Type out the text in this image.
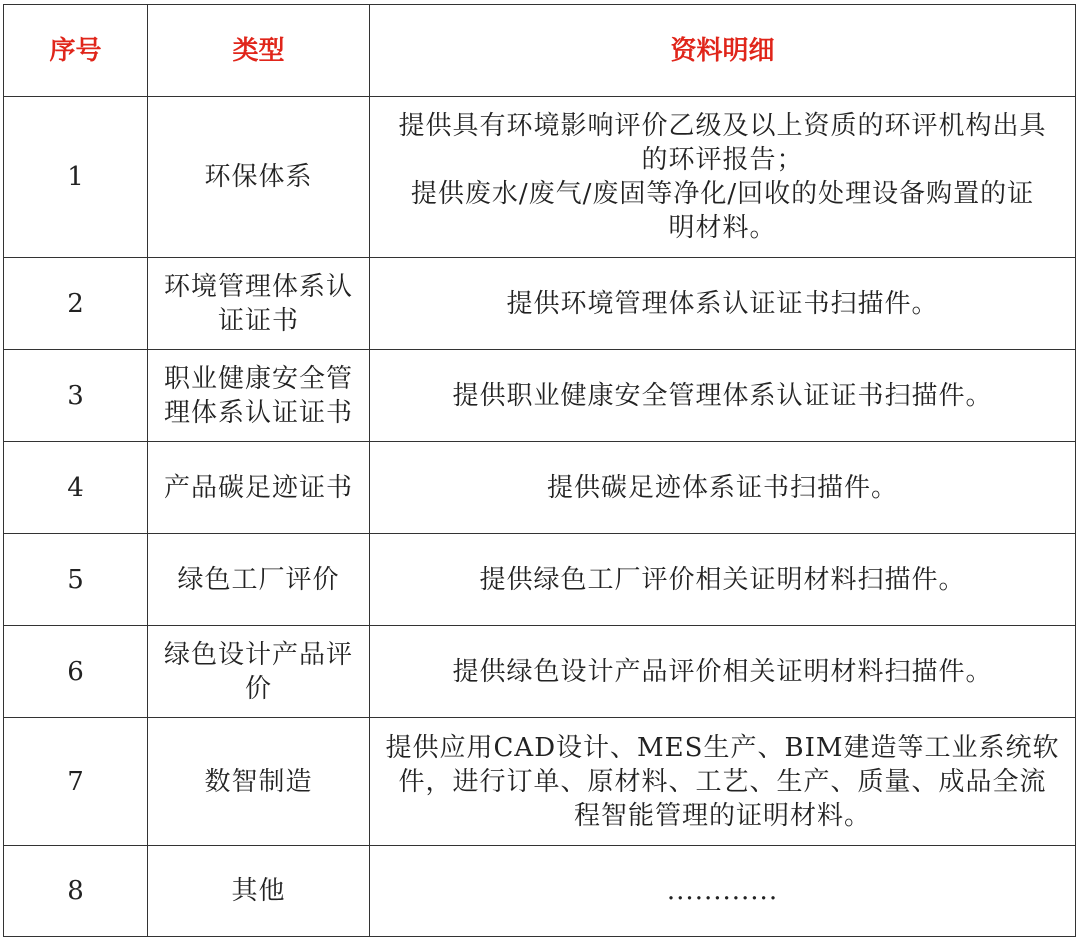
序号	类型	资料明细
1	环保体系	提供具有环境影响评价乙级及以上资质的环评机构出具
的环评报告；
提供废水/废气/废固等净化/回收的处理设备购置的证
明材料。
2	环境管理体系认
证证书	提供环境管理体系认证证书扫描件。
3	职业健康安全管
理体系认证证书	提供职业健康安全管理体系认证证书扫描件。
4	产品碳足迹证书	提供碳足迹体系证书扫描件。
5	绿色工厂评价	提供绿色工厂评价相关证明材料扫描件。
6	绿色设计产品评
价	提供绿色设计产品评价相关证明材料扫描件。
7	数智制造	提供应用CAD设计、MES生产、BIM建造等工业系统软
件，进行订单、原材料、工艺、生产、质量、成品全流
程智能管理的证明材料。
8	其他	............
